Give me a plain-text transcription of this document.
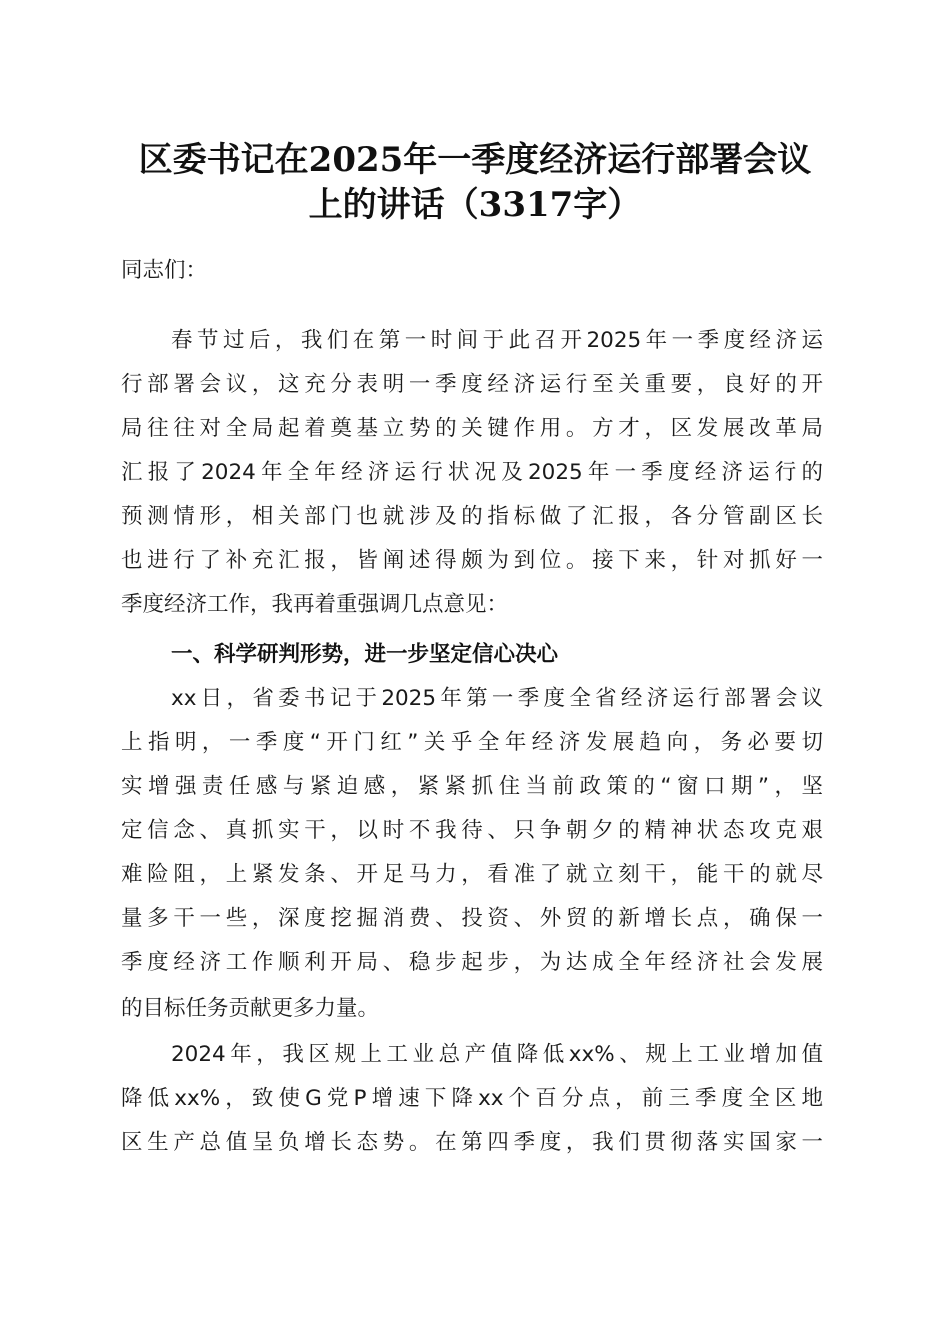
区委书记在2025年一季度经济运行部署会议
上的讲话（3317字）
同志们：
春节过后，我们在第一时间于此召开2025年一季度经济运
行部署会议，这充分表明一季度经济运行至关重要，良好的开
局往往对全局起着奠基立势的关键作用。方才，区发展改革局
汇报了2024年全年经济运行状况及2025年一季度经济运行的
预测情形，相关部门也就涉及的指标做了汇报，各分管副区长
也进行了补充汇报，皆阐述得颇为到位。接下来，针对抓好一
季度经济工作，我再着重强调几点意见：
一、科学研判形势，进一步坚定信心决心
xx日，省委书记于2025年第一季度全省经济运行部署会议
上指明，一季度“开门红”关乎全年经济发展趋向，务必要切
实增强责任感与紧迫感，紧紧抓住当前政策的“窗口期”，坚
定信念、真抓实干，以时不我待、只争朝夕的精神状态攻克艰
难险阻，上紧发条、开足马力，看准了就立刻干，能干的就尽
量多干一些，深度挖掘消费、投资、外贸的新增长点，确保一
季度经济工作顺利开局、稳步起步，为达成全年经济社会发展
的目标任务贡献更多力量。
2024年，我区规上工业总产值降低xx%、规上工业增加值
降低xx%，致使G党P增速下降xx个百分点，前三季度全区地
区生产总值呈负增长态势。在第四季度，我们贯彻落实国家一
